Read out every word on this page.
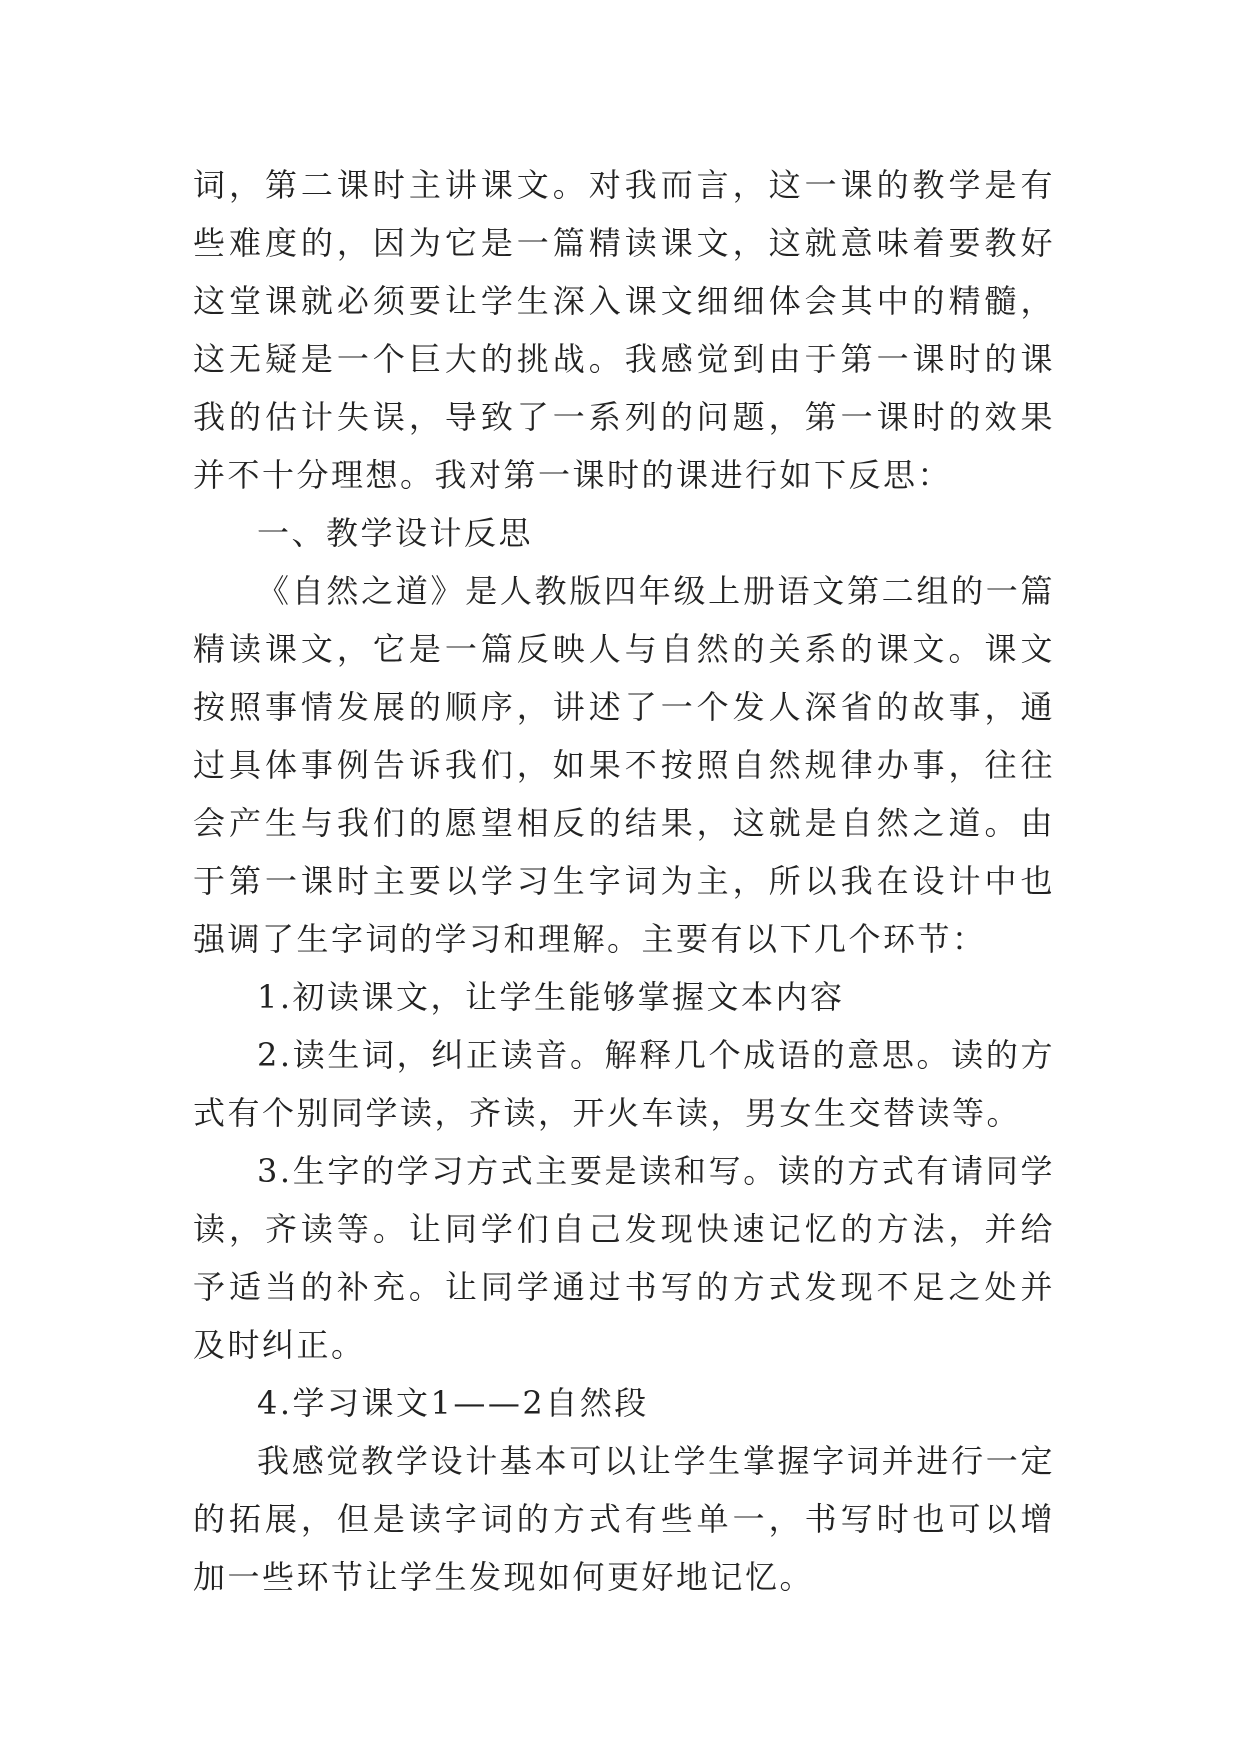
词，第二课时主讲课文。对我而言，这一课的教学是有些难度的，因为它是一篇精读课文，这就意味着要教好这堂课就必须要让学生深入课文细细体会其中的精髓，这无疑是一个巨大的挑战。我感觉到由于第一课时的课我的估计失误，导致了一系列的问题，第一课时的效果并不十分理想。我对第一课时的课进行如下反思：

一、教学设计反思

《自然之道》是人教版四年级上册语文第二组的一篇精读课文，它是一篇反映人与自然的关系的课文。课文按照事情发展的顺序，讲述了一个发人深省的故事，通过具体事例告诉我们，如果不按照自然规律办事，往往会产生与我们的愿望相反的结果，这就是自然之道。由于第一课时主要以学习生字词为主，所以我在设计中也强调了生字词的学习和理解。主要有以下几个环节：

1.初读课文，让学生能够掌握文本内容

2.读生词，纠正读音。解释几个成语的意思。读的方式有个别同学读，齐读，开火车读，男女生交替读等。

3.生字的学习方式主要是读和写。读的方式有请同学读，齐读等。让同学们自己发现快速记忆的方法，并给予适当的补充。让同学通过书写的方式发现不足之处并及时纠正。

4.学习课文1——2自然段

我感觉教学设计基本可以让学生掌握字词并进行一定的拓展，但是读字词的方式有些单一，书写时也可以增加一些环节让学生发现如何更好地记忆。
